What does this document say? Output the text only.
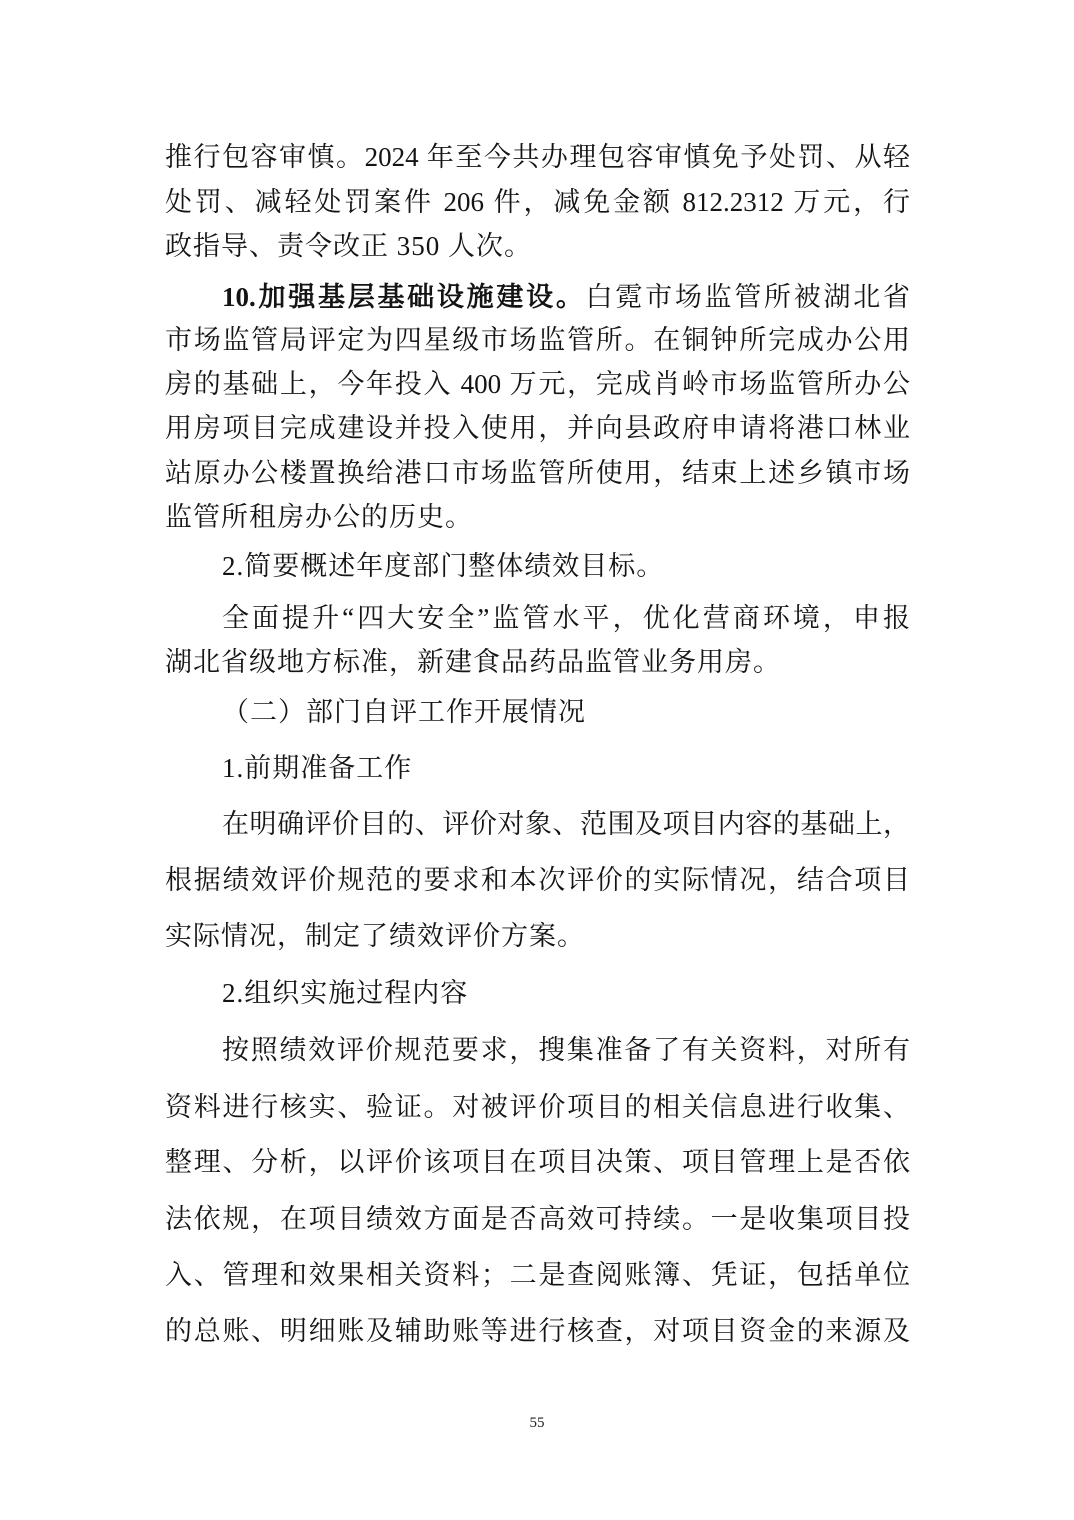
推行包容审慎。2024 年至今共办理包容审慎免予处罚、从轻
处罚、减轻处罚案件 206 件，减免金额 812.2312 万元，行
政指导、责令改正 350 人次。
10.加强基层基础设施建设。白霓市场监管所被湖北省
市场监管局评定为四星级市场监管所。在铜钟所完成办公用
房的基础上，今年投入 400 万元，完成肖岭市场监管所办公
用房项目完成建设并投入使用，并向县政府申请将港口林业
站原办公楼置换给港口市场监管所使用，结束上述乡镇市场
监管所租房办公的历史。
2.简要概述年度部门整体绩效目标。
全面提升“四大安全”监管水平，优化营商环境，申报
湖北省级地方标准，新建食品药品监管业务用房。
（二）部门自评工作开展情况
1.前期准备工作
在明确评价目的、评价对象、范围及项目内容的基础上，
根据绩效评价规范的要求和本次评价的实际情况，结合项目
实际情况，制定了绩效评价方案。
2.组织实施过程内容
按照绩效评价规范要求，搜集准备了有关资料，对所有
资料进行核实、验证。对被评价项目的相关信息进行收集、
整理、分析，以评价该项目在项目决策、项目管理上是否依
法依规，在项目绩效方面是否高效可持续。一是收集项目投
入、管理和效果相关资料；二是查阅账簿、凭证，包括单位
的总账、明细账及辅助账等进行核查，对项目资金的来源及
55
